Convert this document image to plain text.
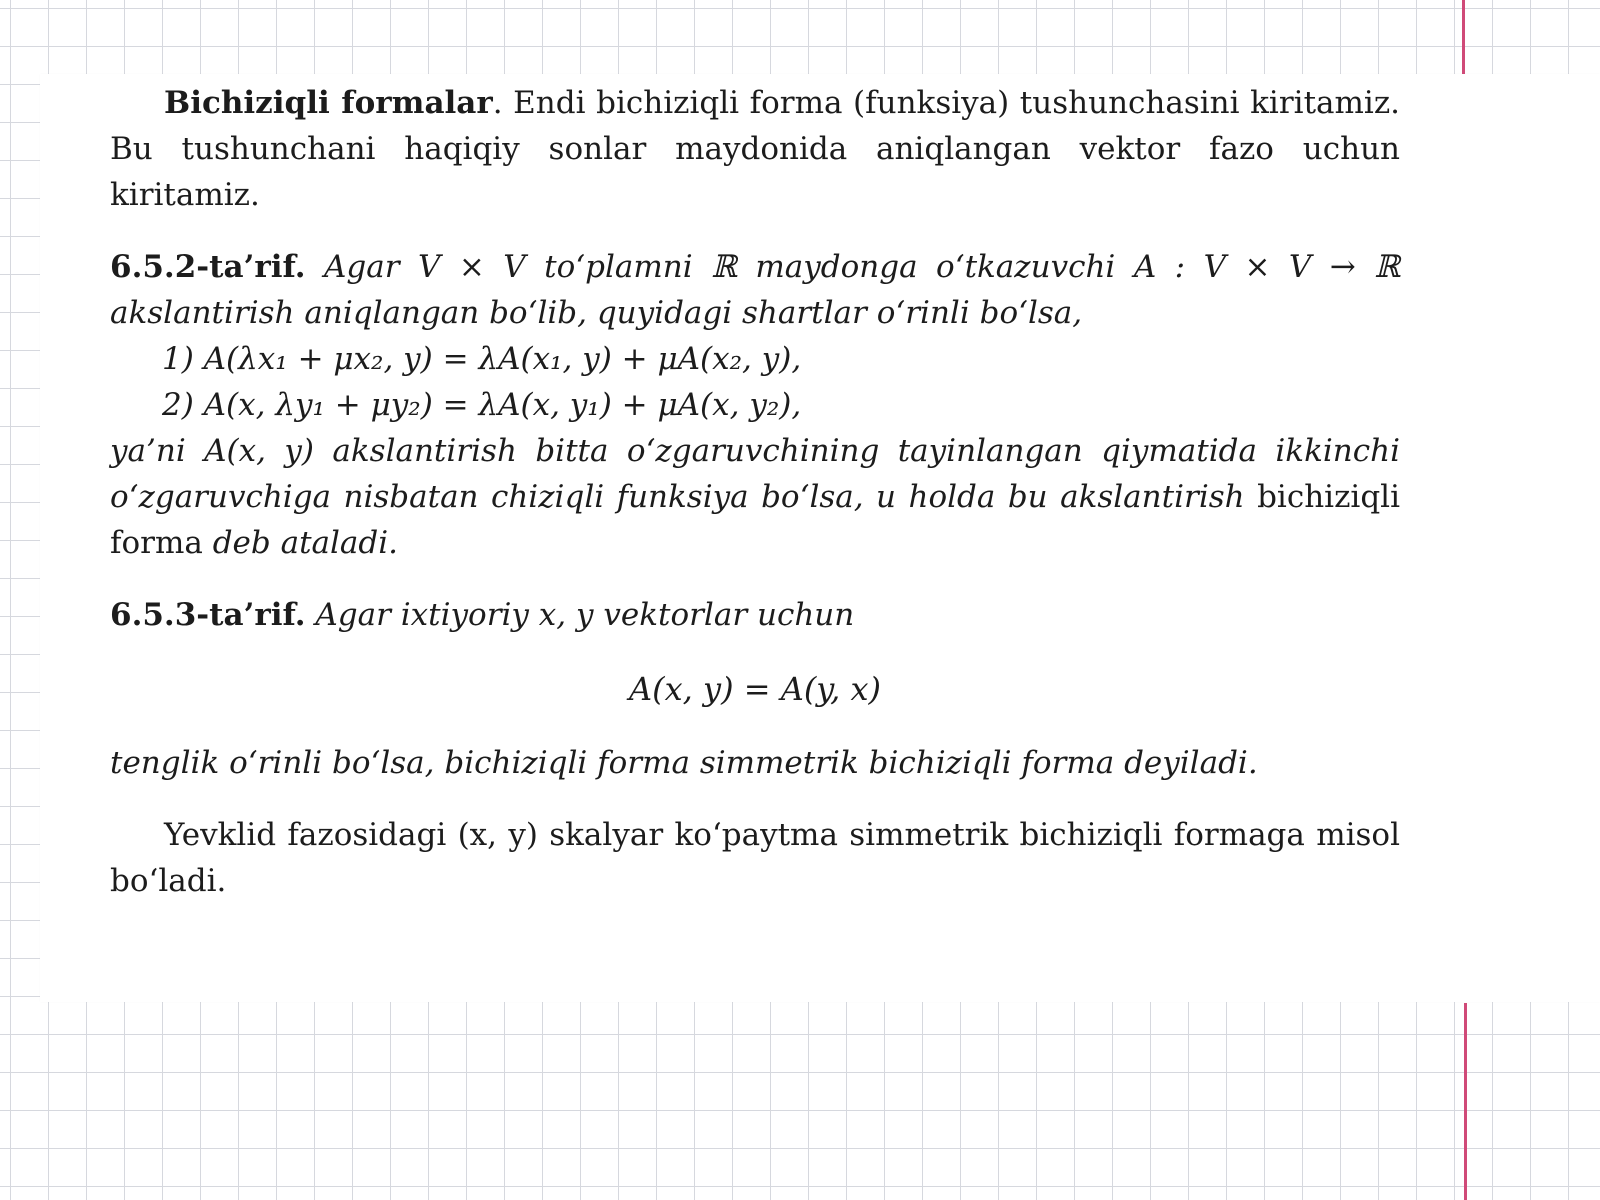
Bichiziqli formalar. Endi bichiziqli forma (funksiya) tushunchasini kiritamiz. Bu tushunchani haqiqiy sonlar maydonida aniqlangan vektor fazo uchun kiritamiz.

6.5.2-ta’rif. Agar V × V to‘plamni ℝ maydonga o‘tkazuvchi A : V × V → ℝ akslantirish aniqlangan bo‘lib, quyidagi shartlar o‘rinli bo‘lsa,

1) A(λx₁ + μx₂, y) = λA(x₁, y) + μA(x₂, y),
2) A(x, λy₁ + μy₂) = λA(x, y₁) + μA(x, y₂),

ya’ni A(x, y) akslantirish bitta o‘zgaruvchining tayinlangan qiymatida ikkinchi o‘zgaruvchiga nisbatan chiziqli funksiya bo‘lsa, u holda bu akslantirish bichiziqli forma deb ataladi.

6.5.3-ta’rif. Agar ixtiyoriy x, y vektorlar uchun

A(x, y) = A(y, x)

tenglik o‘rinli bo‘lsa, bichiziqli forma simmetrik bichiziqli forma deyiladi.

Yevklid fazosidagi (x, y) skalyar ko‘paytma simmetrik bichiziqli formaga misol bo‘ladi.
